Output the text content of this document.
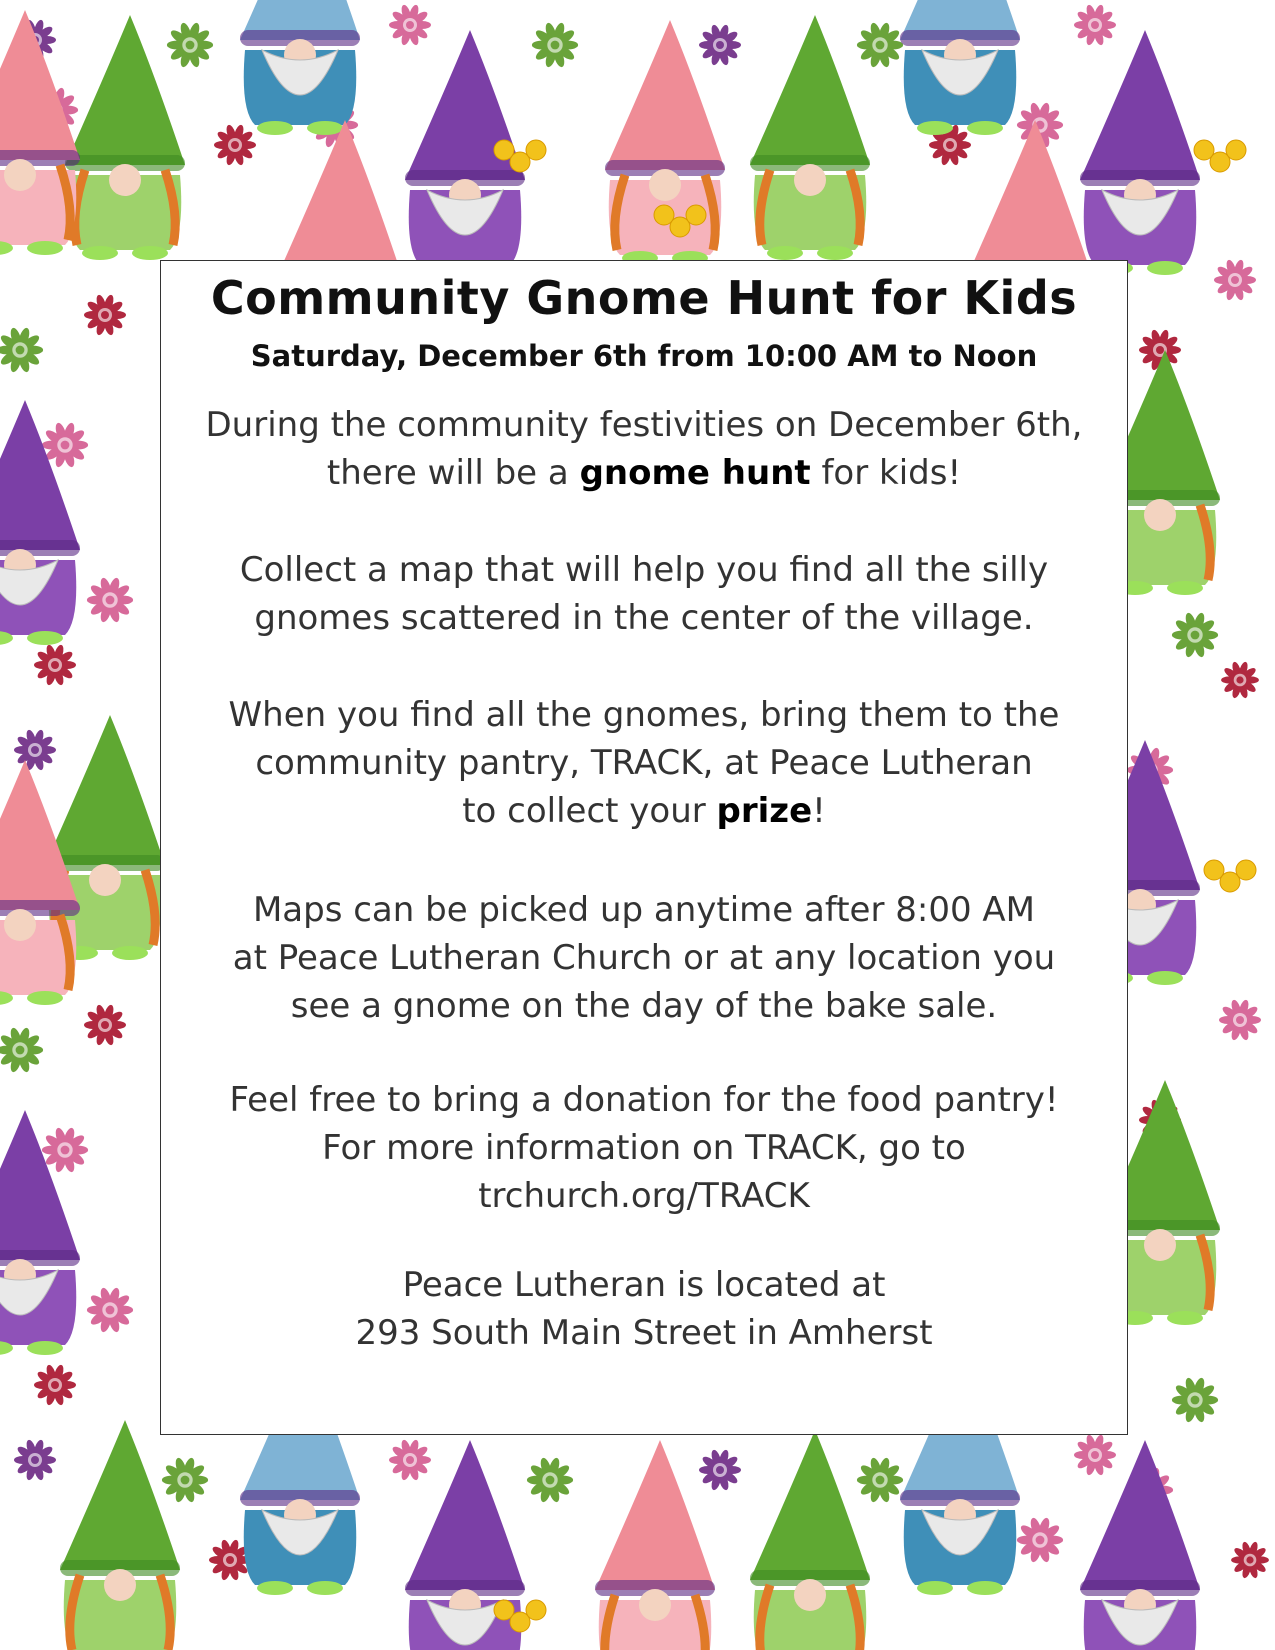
Community Gnome Hunt for Kids
Saturday, December 6th from 10:00 AM to Noon
During the community festivities on December 6th,
there will be a gnome hunt for kids!
Collect a map that will help you find all the silly
gnomes scattered in the center of the village.
When you find all the gnomes, bring them to the
community pantry, TRACK, at Peace Lutheran
to collect your prize!
Maps can be picked up anytime after 8:00 AM
at Peace Lutheran Church or at any location you
see a gnome on the day of the bake sale.
Feel free to bring a donation for the food pantry!
For more information on TRACK, go to
trchurch.org/TRACK
Peace Lutheran is located at
293 South Main Street in Amherst
